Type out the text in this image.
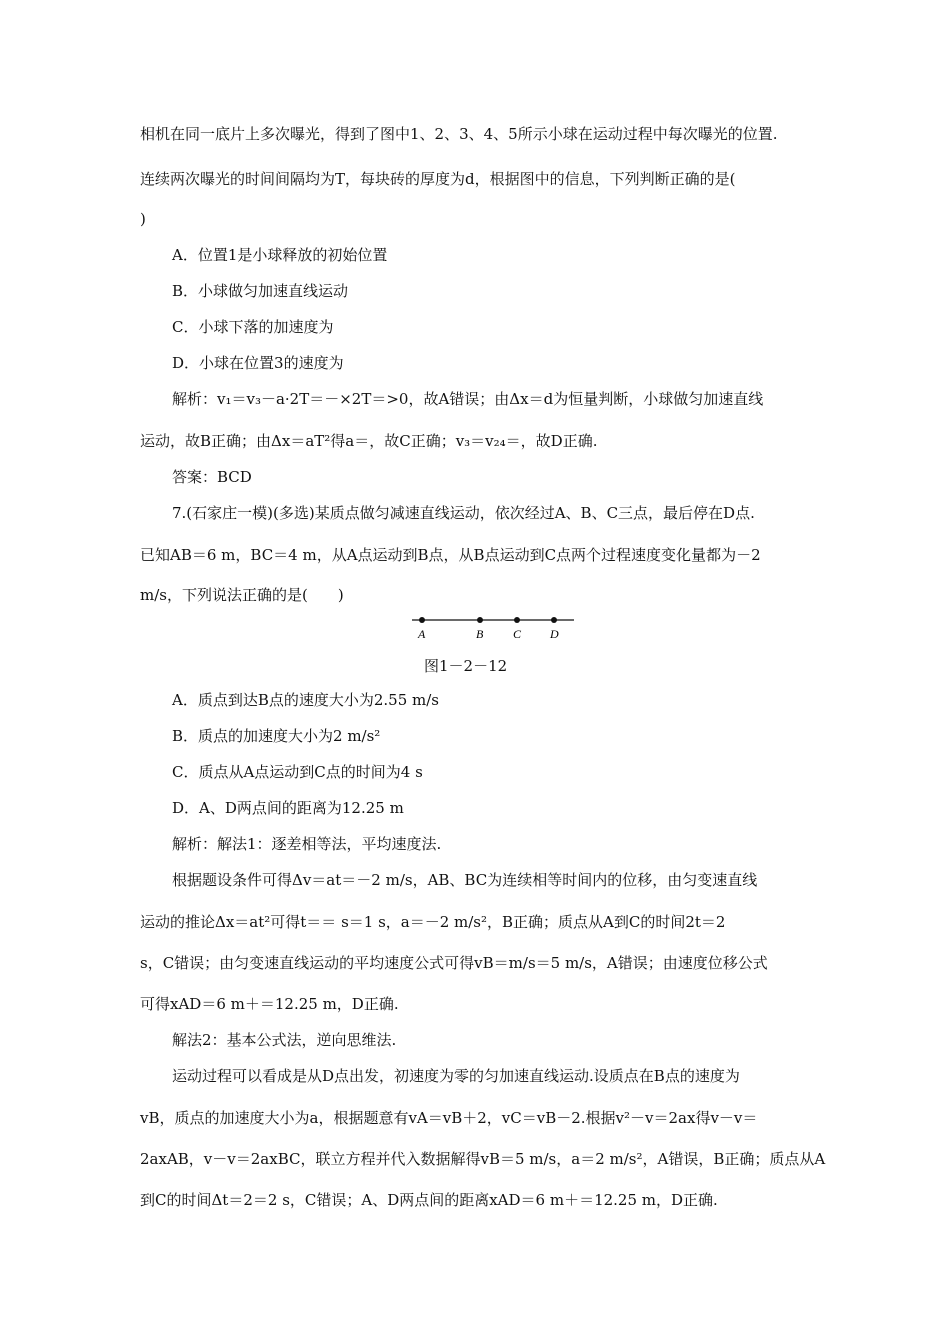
相机在同一底片上多次曝光，得到了图中1、2、3、4、5所示小球在运动过程中每次曝光的位置.
连续两次曝光的时间间隔均为T，每块砖的厚度为d，根据图中的信息，下列判断正确的是(
)
A．位置1是小球释放的初始位置
B．小球做匀加速直线运动
C．小球下落的加速度为
D．小球在位置3的速度为
解析：v₁＝v₃－a·2T＝－×2T＝>0，故A错误；由Δx＝d为恒量判断，小球做匀加速直线
运动，故B正确；由Δx＝aT²得a＝，故C正确；v₃＝v₂₄＝，故D正确.
答案：BCD
7.(石家庄一模)(多选)某质点做匀减速直线运动，依次经过A、B、C三点，最后停在D点.
已知AB＝6 m，BC＝4 m，从A点运动到B点，从B点运动到C点两个过程速度变化量都为－2
m/s，下列说法正确的是(　　)
A．质点到达B点的速度大小为2.55 m/s
B．质点的加速度大小为2 m/s²
C．质点从A点运动到C点的时间为4 s
D．A、D两点间的距离为12.25 m
解析：解法1：逐差相等法，平均速度法.
根据题设条件可得Δv＝at＝－2 m/s，AB、BC为连续相等时间内的位移，由匀变速直线
运动的推论Δx＝at²可得t＝＝ s＝1 s，a＝－2 m/s²，B正确；质点从A到C的时间2t＝2
s，C错误；由匀变速直线运动的平均速度公式可得vB＝m/s＝5 m/s，A错误；由速度位移公式
可得xAD＝6 m＋＝12.25 m，D正确.
解法2：基本公式法，逆向思维法.
运动过程可以看成是从D点出发，初速度为零的匀加速直线运动.设质点在B点的速度为
vB，质点的加速度大小为a，根据题意有vA＝vB＋2，vC＝vB－2.根据v²－v＝2ax得v－v＝
2axAB，v－v＝2axBC，联立方程并代入数据解得vB＝5 m/s，a＝2 m/s²，A错误，B正确；质点从A
到C的时间Δt＝2＝2 s，C错误；A、D两点间的距离xAD＝6 m＋＝12.25 m，D正确.
A	B C D
图1－2－12
